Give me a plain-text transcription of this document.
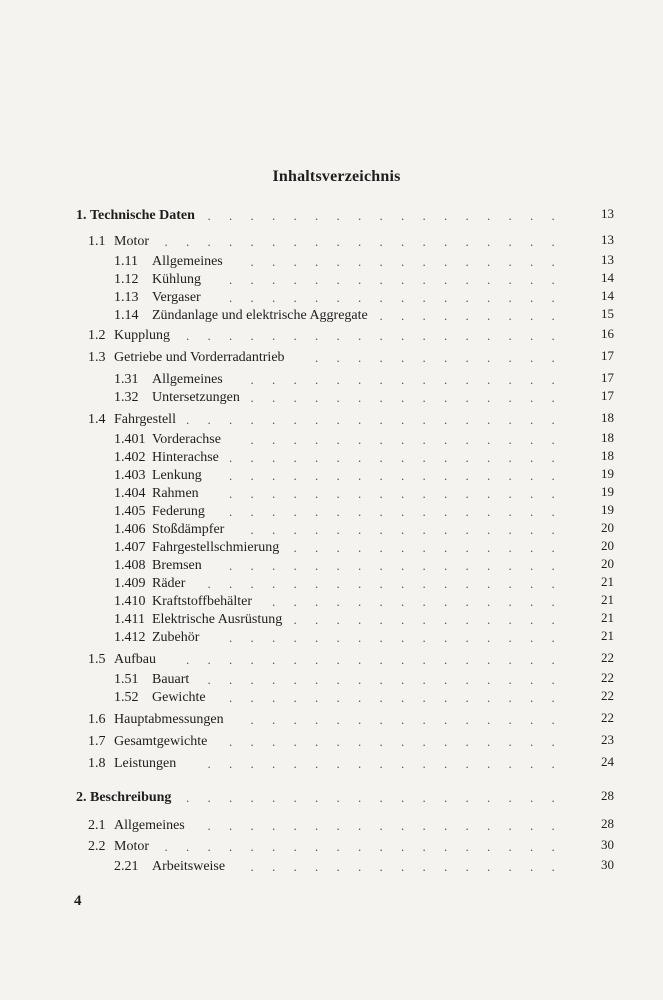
Inhaltsverzeichnis
1. Technische Daten .................	13
1.1 Motor ...................	13
1.11	Allgemeines ...............	13
1.12 Kühlung ................	14
1.13 Vergaser ................	14
1.14 Zündanlage und elektrische Aggregate .........	15
1.2 Kupplung ..................	16
1.3 Getriebe und Vorderradantrieb ............	17
1.31 Allgemeines ...............	17
1.32 Untersetzungen ...............	17
1.4 Fahrgestell ..................	18
1.401 Vorderachse ...............	18
1.402 Hinterachse ................	18
1.403 Lenkung ................	19
1.404 Rahmen ................	19
1.405 Federung ................	19
1.406 Stoßdämpfer ...............	20
1.407 Fahrgestellschmierung .............	20
1.408 Bremsen ................	20
1.409 Räder .................	21
1.410 Kraftstoffbehälter ..............	21
1.411 Elektrische Ausrüstung .............	21
1.412 Zubehör ................	21
1.5 Aufbau ..................	22
1.51 Bauart .................	22
1.52 Gewichte ................	22
1.6 Hauptabmessungen ...............	22
1.7 Gesamtgewichte ................	23
1.8 Leistungen .................	24
2. Beschreibung ..................	28
2.1 Allgemeines .................	28
2.2 Motor ...................	30
2.21 Arbeitsweise ...............	30
4
